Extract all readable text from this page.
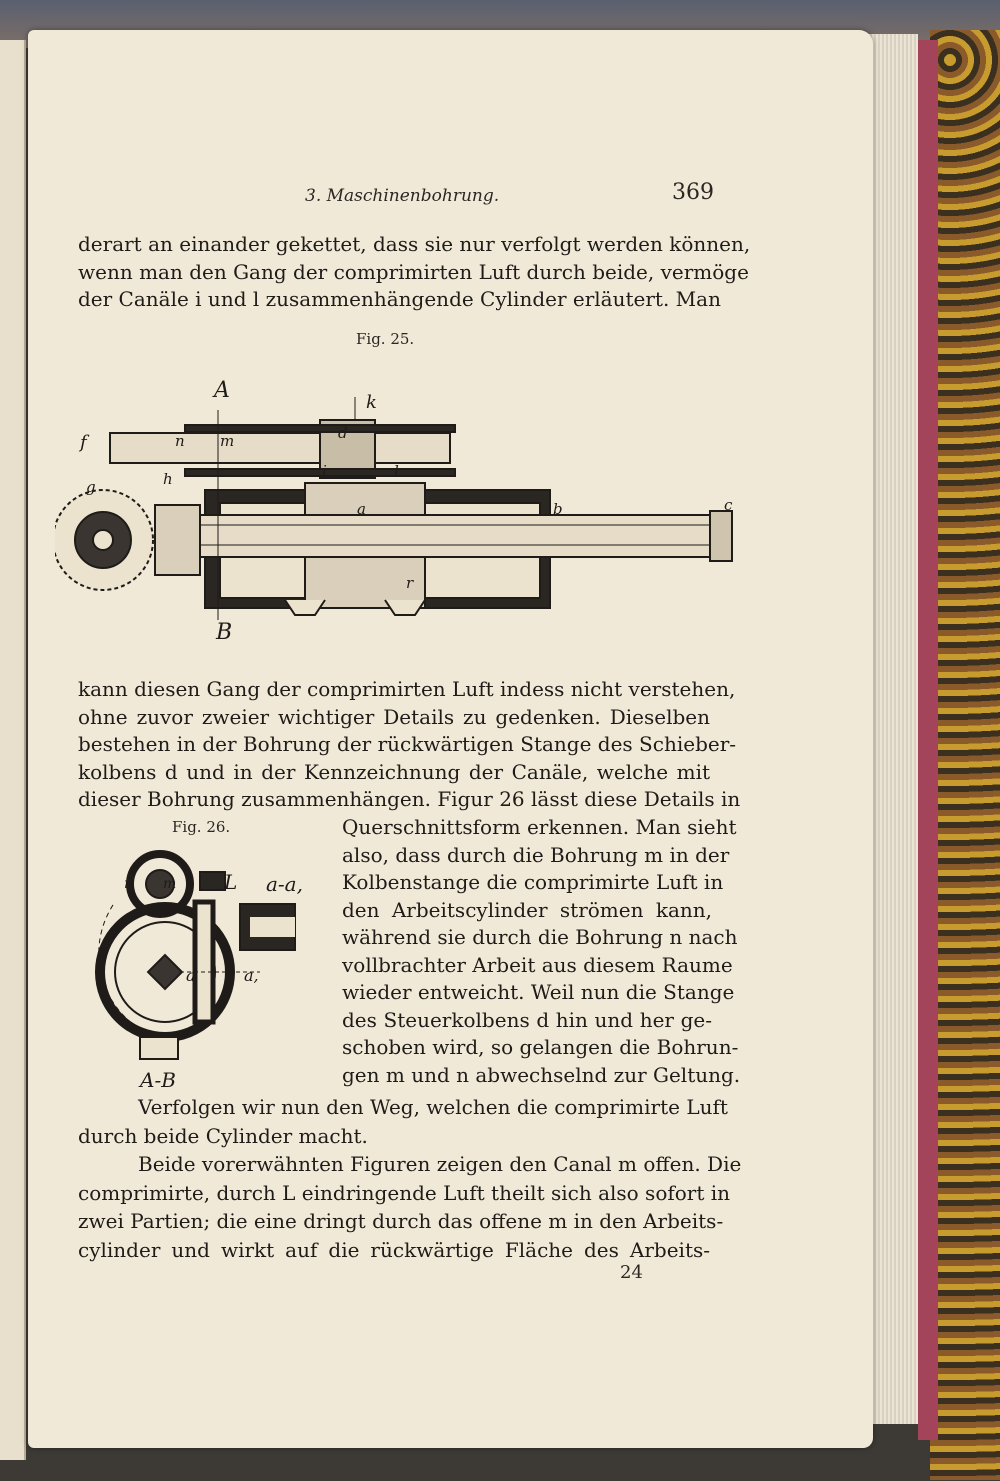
3. Maschinenbohrung.	369
derart an einander gekettet, dass sie nur verfolgt werden können,
wenn man den Gang der comprimirten Luft durch beide, vermöge
der Canäle i und l zusammenhängende Cylinder erläutert. Man
Fig. 25.
A	k
f	n m	d
i	l
g	h
a	b	c
r
B
kann diesen Gang der comprimirten Luft indess nicht verstehen,
ohne zuvor zweier wichtiger Details zu gedenken. Dieselben
bestehen in der Bohrung der rückwärtigen Stange des Schieber-
kolbens d und in der Kennzeichnung der Canäle, welche mit
dieser Bohrung zusammenhängen. Figur 26 lässt diese Details in
Fig. 26.
n m L a-a,
a	a,
A-B
Querschnittsform erkennen. Man sieht
also, dass durch die Bohrung m in der
Kolbenstange die comprimirte Luft in
den Arbeitscylinder strömen kann,
während sie durch die Bohrung n nach
vollbrachter Arbeit aus diesem Raume
wieder entweicht. Weil nun die Stange
des Steuerkolbens d hin und her ge-
schoben wird, so gelangen die Bohrun-
gen m und n abwechselnd zur Geltung.
Verfolgen wir nun den Weg, welchen die comprimirte Luft
durch beide Cylinder macht.
Beide vorerwähnten Figuren zeigen den Canal m offen. Die
comprimirte, durch L eindringende Luft theilt sich also sofort in
zwei Partien; die eine dringt durch das offene m in den Arbeits-
cylinder und wirkt auf die rückwärtige Fläche des Arbeits-
24
